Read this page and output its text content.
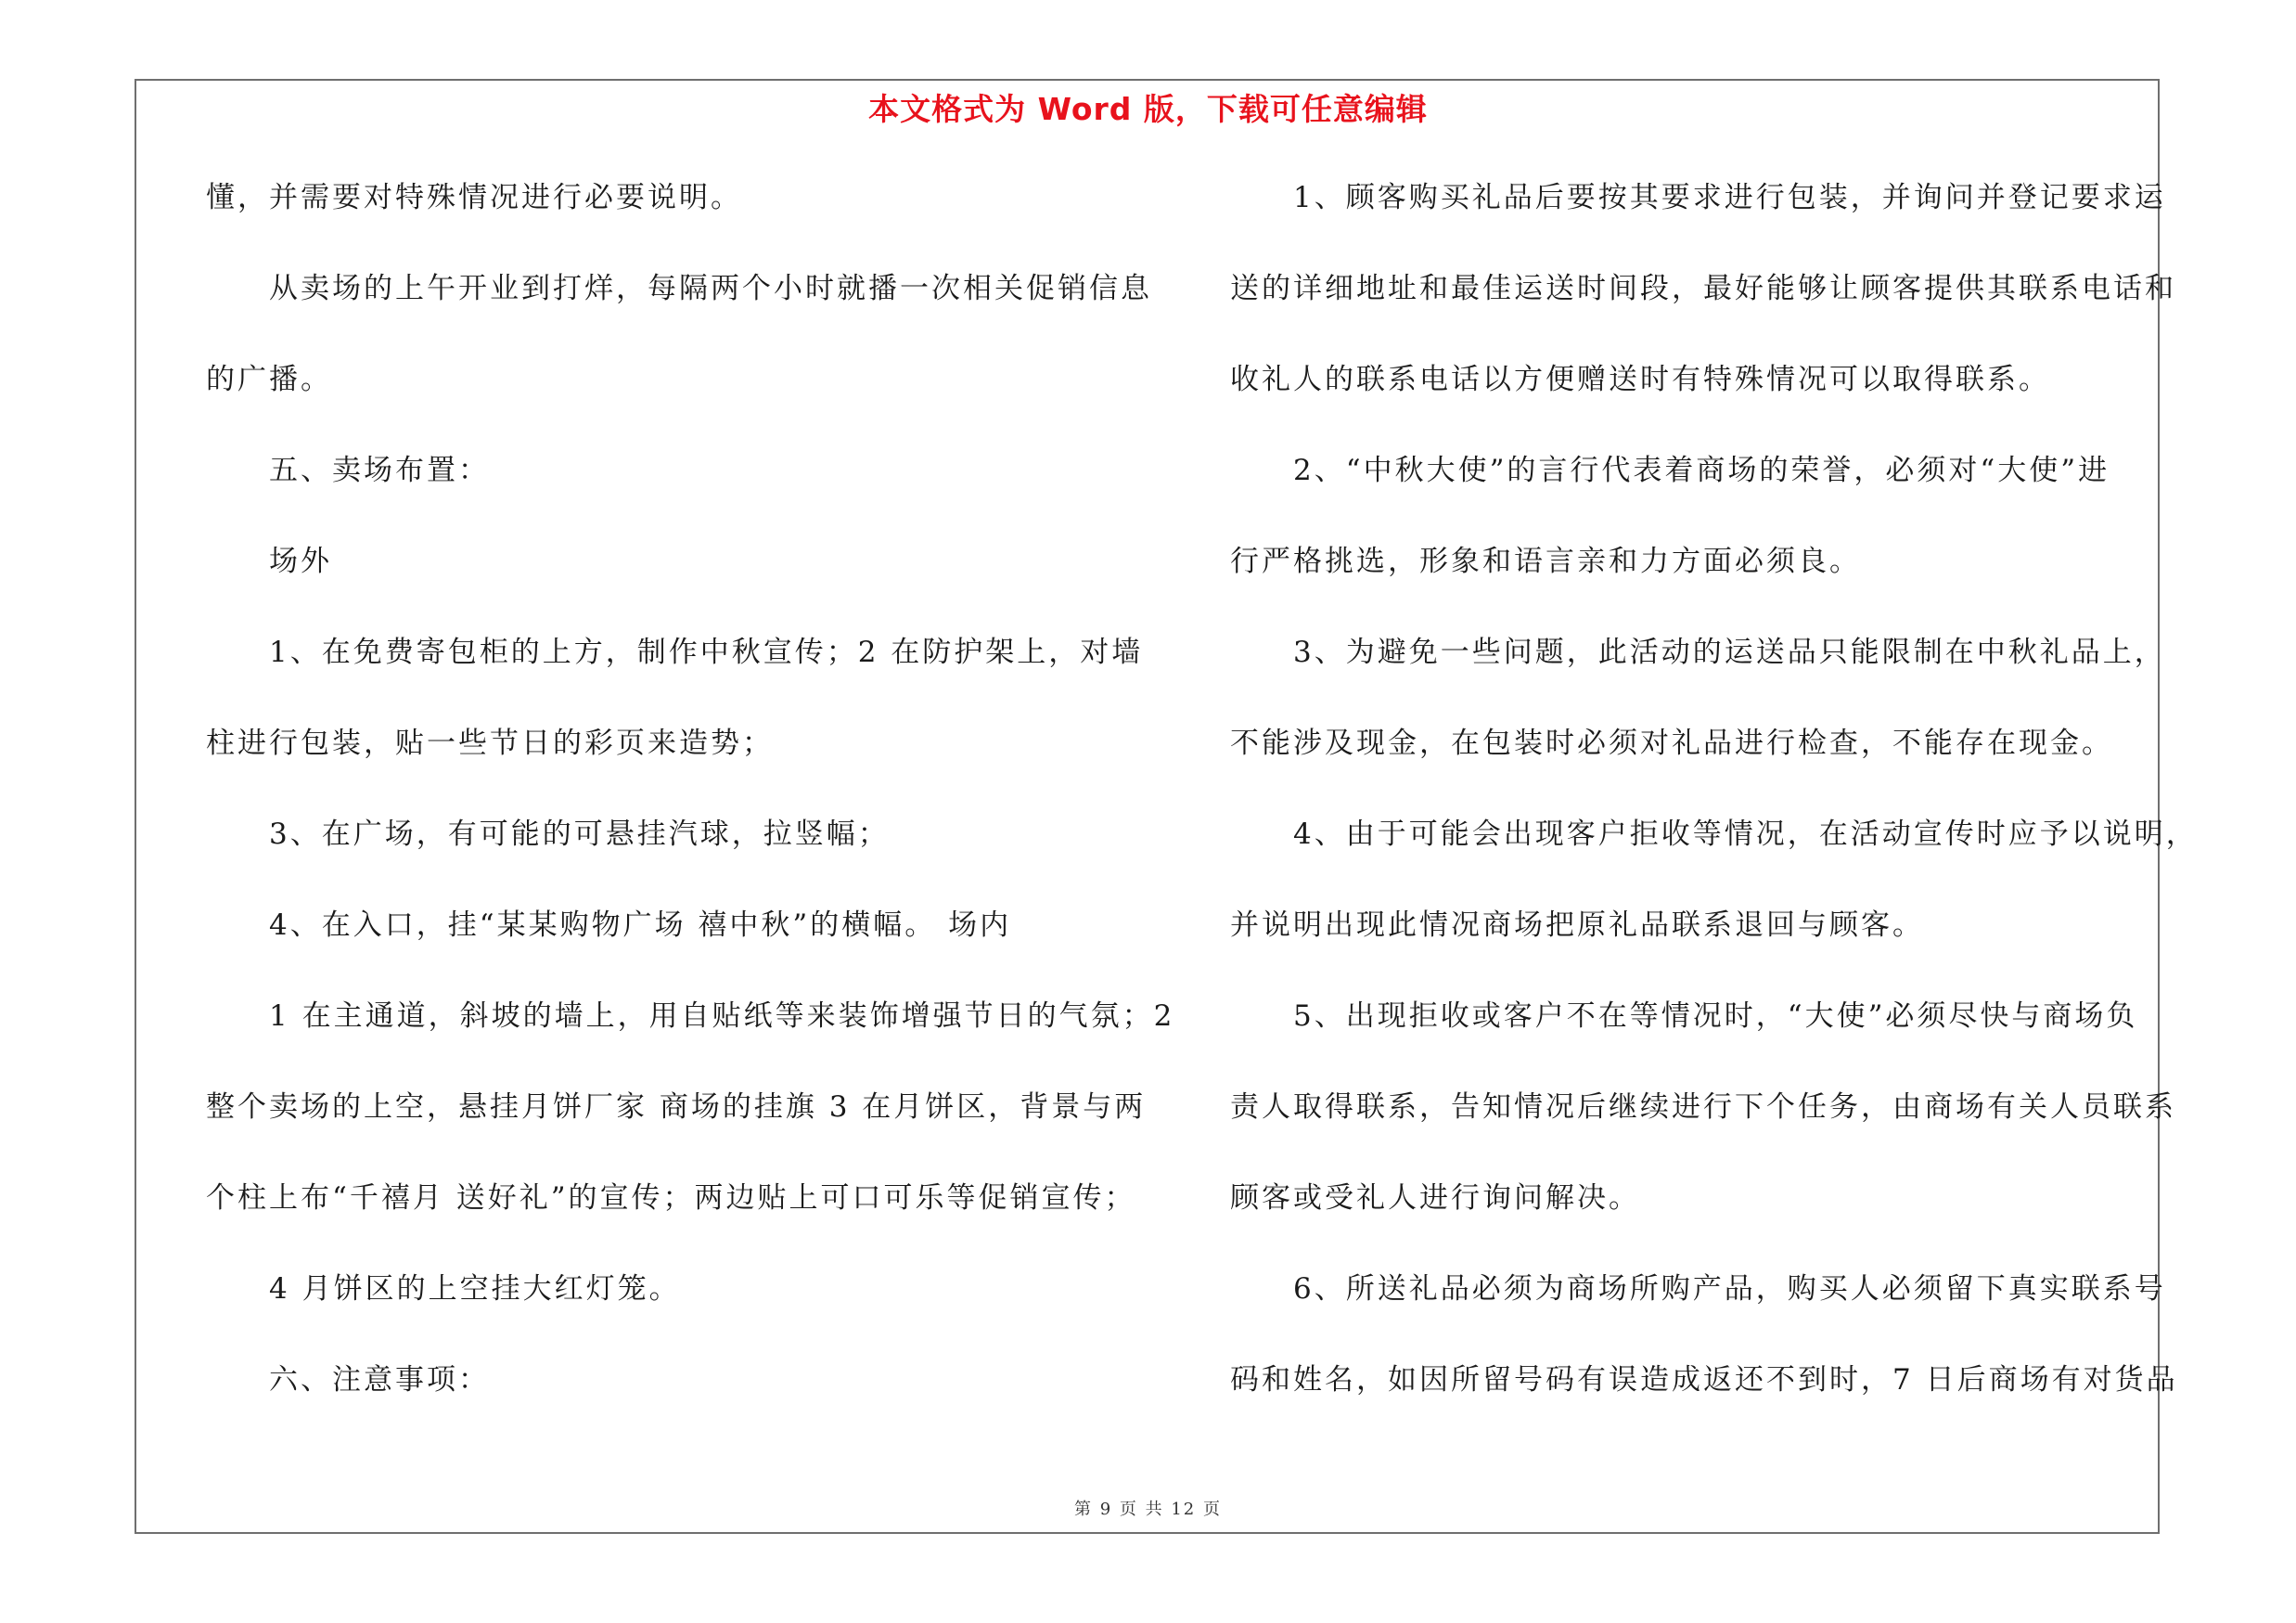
本文格式为 Word 版，下载可任意编辑
懂，并需要对特殊情况进行必要说明。
从卖场的上午开业到打烊，每隔两个小时就播一次相关促销信息
的广播。
五、卖场布置：
场外
1、在免费寄包柜的上方，制作中秋宣传；2 在防护架上，对墙
柱进行包装，贴一些节日的彩页来造势；
3、在广场，有可能的可悬挂汽球，拉竖幅；
4、在入口，挂“某某购物广场 禧中秋”的横幅。 场内
1 在主通道，斜坡的墙上，用自贴纸等来装饰增强节日的气氛；2
整个卖场的上空，悬挂月饼厂家 商场的挂旗 3 在月饼区，背景与两
个柱上布“千禧月 送好礼”的宣传；两边贴上可口可乐等促销宣传；
4 月饼区的上空挂大红灯笼。
六、注意事项：
1、顾客购买礼品后要按其要求进行包装，并询问并登记要求运
送的详细地址和最佳运送时间段，最好能够让顾客提供其联系电话和
收礼人的联系电话以方便赠送时有特殊情况可以取得联系。
2、“中秋大使”的言行代表着商场的荣誉，必须对“大使”进
行严格挑选，形象和语言亲和力方面必须良。
3、为避免一些问题，此活动的运送品只能限制在中秋礼品上，
不能涉及现金，在包装时必须对礼品进行检查，不能存在现金。
4、由于可能会出现客户拒收等情况，在活动宣传时应予以说明，
并说明出现此情况商场把原礼品联系退回与顾客。
5、出现拒收或客户不在等情况时，“大使”必须尽快与商场负
责人取得联系，告知情况后继续进行下个任务，由商场有关人员联系
顾客或受礼人进行询问解决。
6、所送礼品必须为商场所购产品，购买人必须留下真实联系号
码和姓名，如因所留号码有误造成返还不到时，7 日后商场有对货品
第 9 页 共 12 页
